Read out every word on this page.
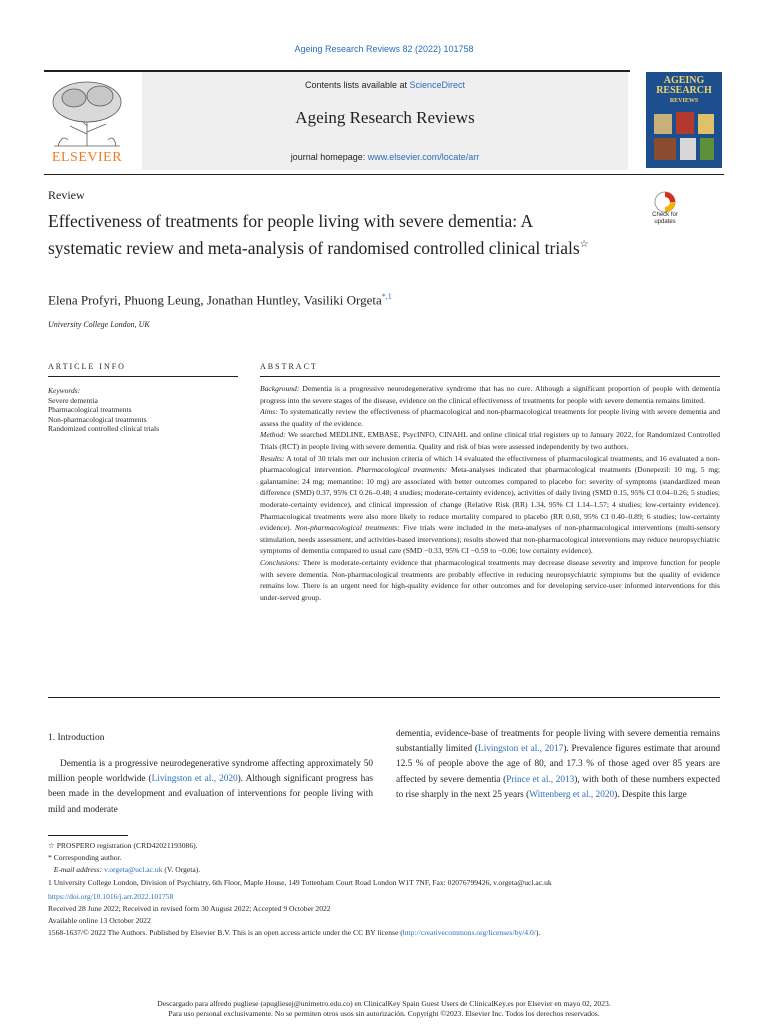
Ageing Research Reviews 82 (2022) 101758
ELSEVIER
Contents lists available at ScienceDirect
Ageing Research Reviews
journal homepage: www.elsevier.com/locate/arr
AGEING
RESEARCH
REVIEWS
Review
Effectiveness of treatments for people living with severe dementia: A systematic review and meta-analysis of randomised controlled clinical trials☆
Check for
updates
Elena Profyri, Phuong Leung, Jonathan Huntley, Vasiliki Orgeta$^{*,1}$
University College London, UK
ARTICLE INFO
Keywords:
Severe dementia
Pharmacological treatments
Non-pharmacological treatments
Randomized controlled clinical trials
ABSTRACT

Background: Dementia is a progressive neurodegenerative syndrome that has no cure. Although a significant proportion of people with dementia progress into the severe stages of the disease, evidence on the clinical effectiveness of treatments for people with severe dementia remains limited.

Aims: To systematically review the effectiveness of pharmacological and non-pharmacological treatments for people living with severe dementia and assess the quality of the evidence.

Method: We searched MEDLINE, EMBASE, PsycINFO, CINAHL and online clinical trial registers up to January 2022, for Randomized Controlled Trials (RCT) in people living with severe dementia. Quality and risk of bias were assessed independently by two authors.

Results: A total of 30 trials met our inclusion criteria of which 14 evaluated the effectiveness of pharmacological treatments, and 16 evaluated a non-pharmacological intervention. Pharmacological treatments: Meta-analyses indicated that pharmacological treatments (Donepezil: 10 mg, 5 mg; galantamine: 24 mg; memantine: 10 mg) are associated with better outcomes compared to placebo for: severity of symptoms (standardized mean difference (SMD) 0.37, 95% CI 0.26–0.48; 4 studies; moderate-certainty evidence), activities of daily living (SMD 0.15, 95% CI 0.04–0.26; 5 studies; moderate-certainty evidence), and clinical impression of change (Relative Risk (RR) 1.34, 95% CI 1.14–1.57; 4 studies; low-certainty evidence). Pharmacological treatments were also more likely to reduce mortality compared to placebo (RR 0.60, 95% CI 0.40–0.89; 6 studies; low-certainty evidence). Non-pharmacological treatments: Five trials were included in the meta-analyses of non-pharmacological interventions (multi-sensory stimulation, needs assessment, and activities-based interventions); results showed that non-pharmacological interventions may reduce neuropsychiatric symptoms of dementia compared to usual care (SMD −0.33, 95% CI −0.59 to −0.06; low certainty evidence).

Conclusions: There is moderate-certainty evidence that pharmacological treatments may decrease disease severity and improve function for people with severe dementia. Non-pharmacological treatments are probably effective in reducing neuropsychiatric symptoms but the quality of evidence remains low. There is an urgent need for high-quality evidence for other outcomes and for developing service-user informed interventions for this under-served group.

1. Introduction

Dementia is a progressive neurodegenerative syndrome affecting approximately 50 million people worldwide (Livingston et al., 2020). Although significant progress has been made in the development and evaluation of interventions for people living with mild and moderate

dementia, evidence-base of treatments for people living with severe dementia remains substantially limited (Livingston et al., 2017). Prevalence figures estimate that around 12.5 % of people above the age of 80, and 17.3 % of those aged over 85 years are affected by severe dementia (Prince et al., 2013), with both of these numbers expected to rise sharply in the next 25 years (Wittenberg et al., 2020). Despite this large

☆ PROSPERO registration (CRD42021193086).
* Corresponding author.
E-mail address: v.orgeta@ucl.ac.uk (V. Orgeta).
1 University College London, Division of Psychiatry, 6th Floor, Maple House, 149 Tottenham Court Road London W1T 7NF, Fax: 02076799426, v.orgeta@ucl.ac.uk
https://doi.org/10.1016/j.arr.2022.101758
Received 28 June 2022; Received in revised form 30 August 2022; Accepted 9 October 2022
Available online 13 October 2022
1568-1637/© 2022 The Authors. Published by Elsevier B.V. This is an open access article under the CC BY license (http://creativecommons.org/licenses/by/4.0/).
Descargado para alfredo pugliese (apugliesej@unimetro.edu.co) en ClinicalKey Spain Guest Users de ClinicalKey.es por Elsevier en mayo 02, 2023.
Para uso personal exclusivamente. No se permiten otros usos sin autorización. Copyright ©2023. Elsevier Inc. Todos los derechos reservados.
